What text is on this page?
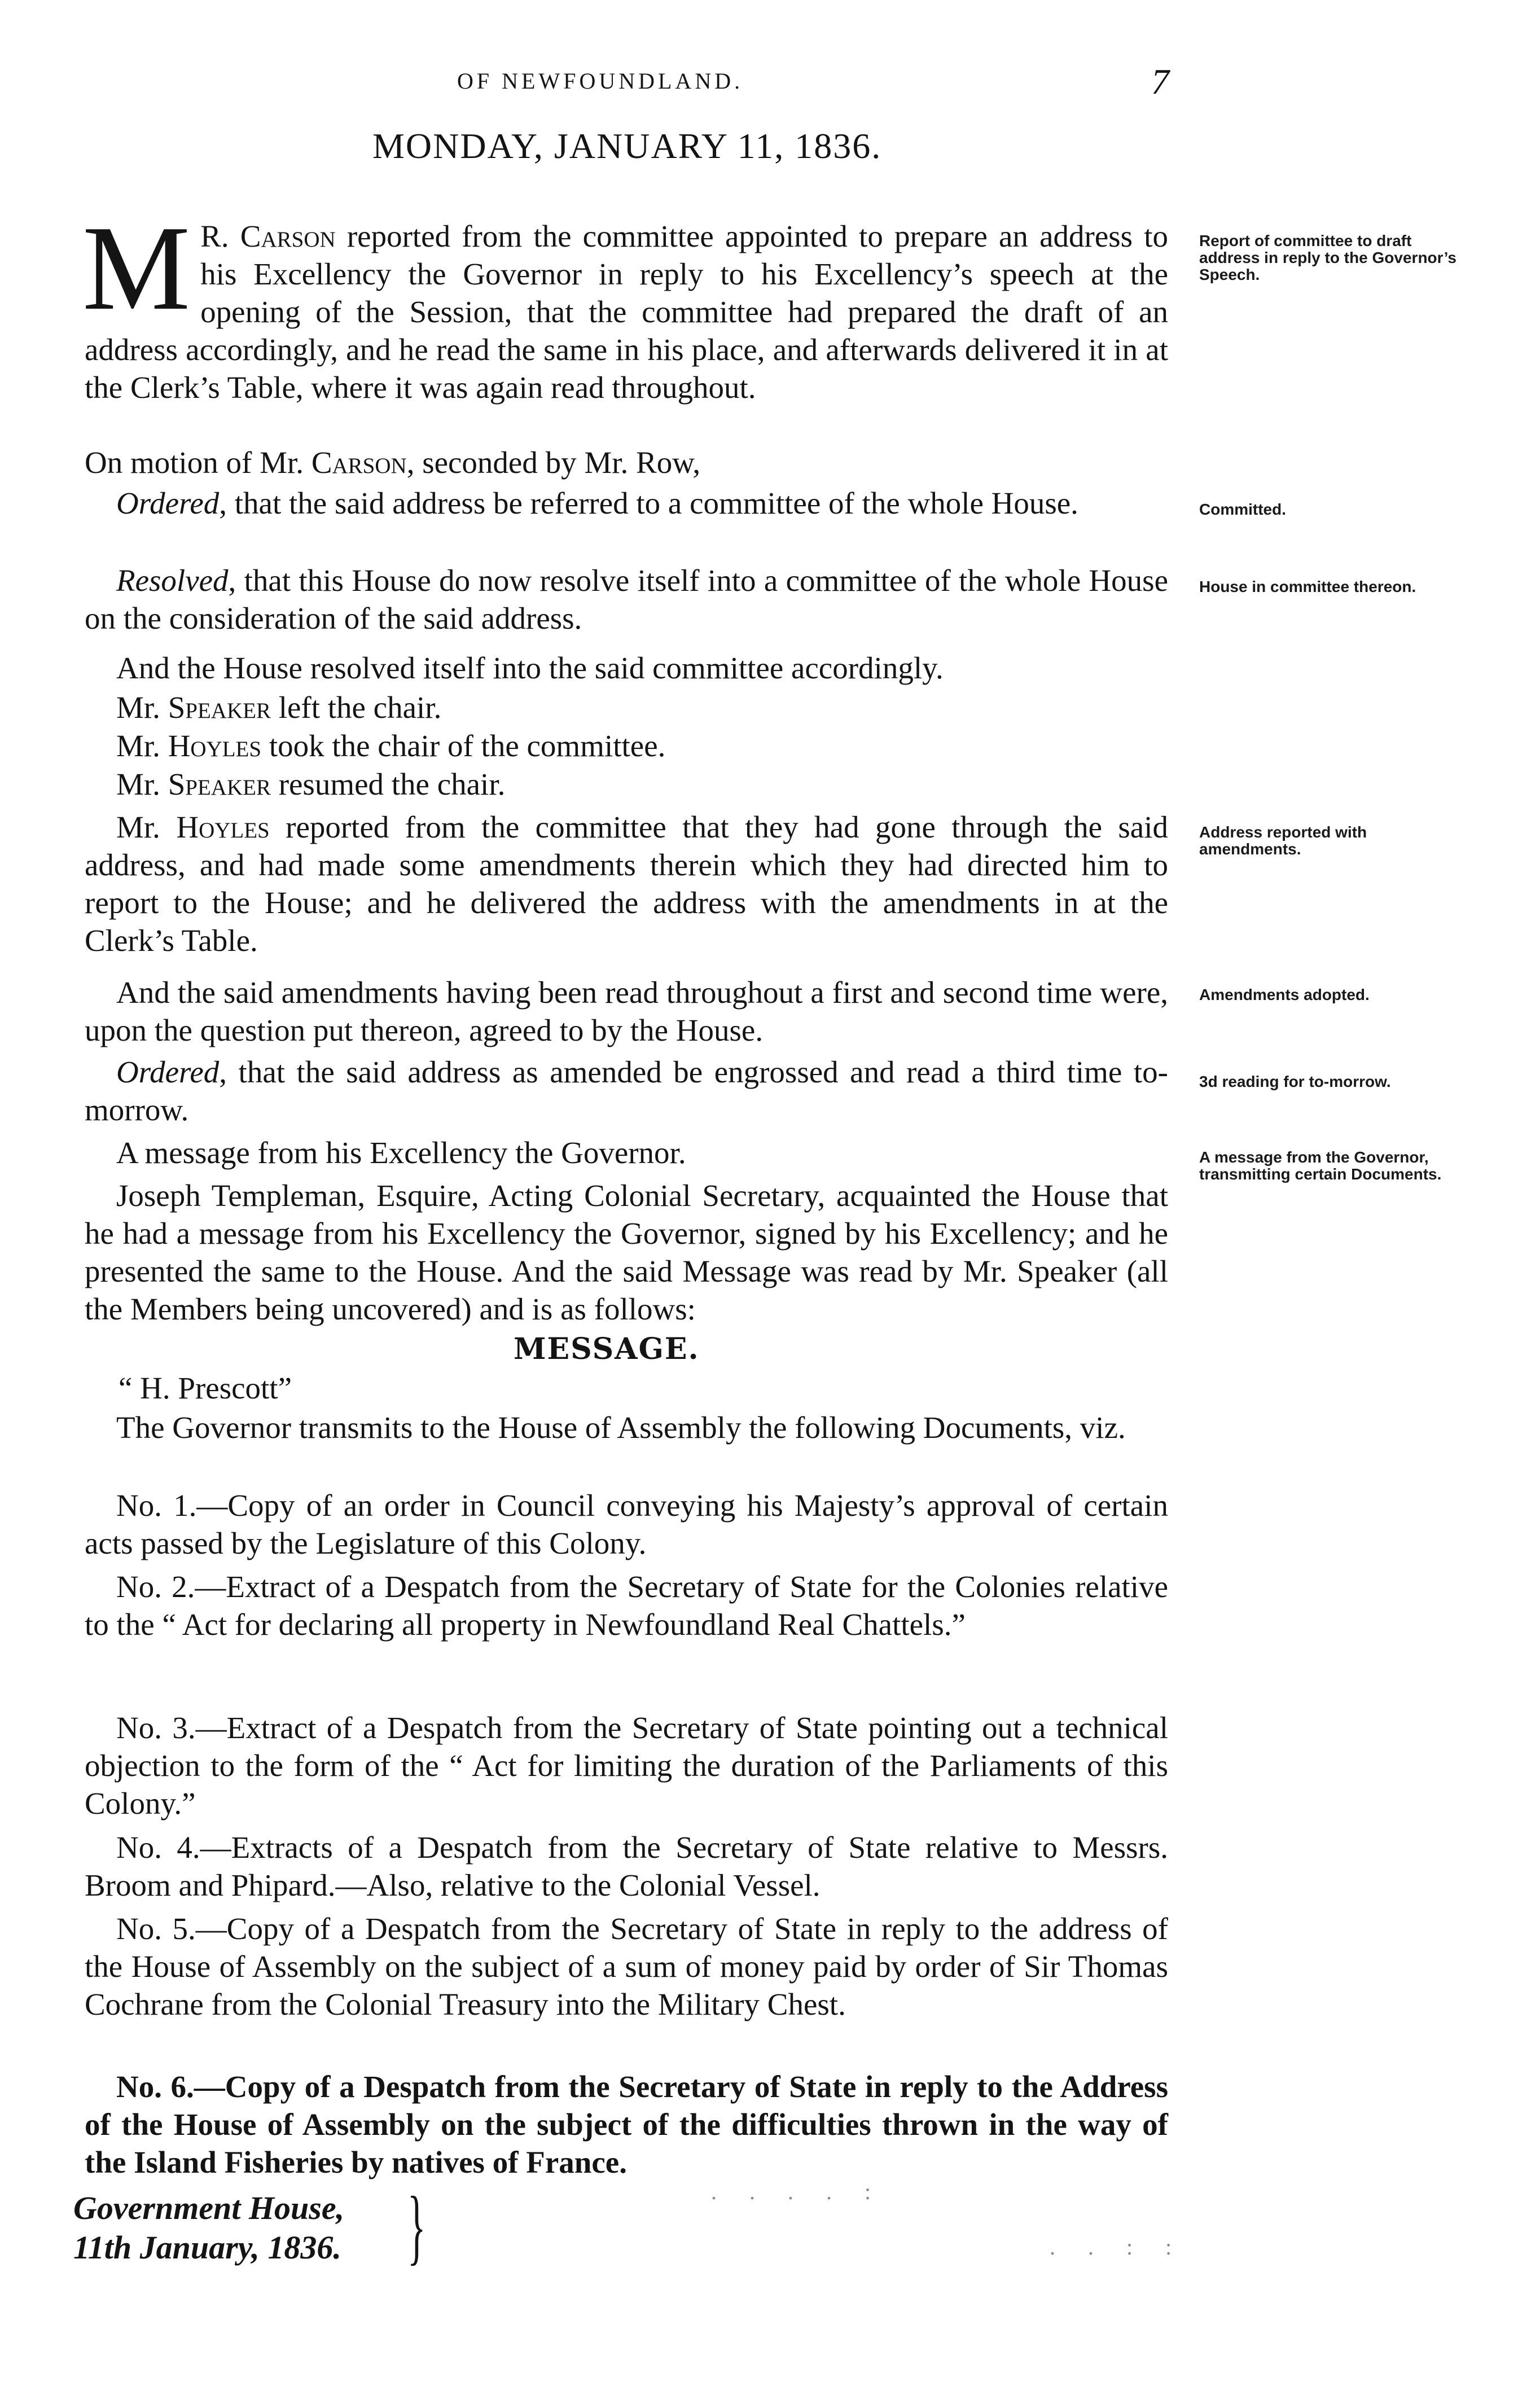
OF NEWFOUNDLAND.	7
MONDAY, JANUARY 11, 1836.
M R. Carson reported from the committee appointed to prepare an address to his Excellency the Governor in reply to his Excellency’s speech at the opening of the Session, that the committee had prepared the draft of an address accordingly, and he read the same in his place, and afterwards delivered it in at the Clerk’s Table, where it was again read throughout.
On motion of Mr. Carson, seconded by Mr. Row,
Ordered, that the said address be referred to a committee of the whole House.
Resolved, that this House do now resolve itself into a committee of the whole House on the consideration of the said address.
And the House resolved itself into the said committee accordingly.
Mr. Speaker left the chair.
Mr. Hoyles took the chair of the committee.
Mr. Speaker resumed the chair.
Mr. Hoyles reported from the committee that they had gone through the said address, and had made some amendments therein which they had directed him to report to the House; and he delivered the address with the amendments in at the Clerk’s Table.
And the said amendments having been read throughout a first and second time were, upon the question put thereon, agreed to by the House.
Ordered, that the said address as amended be engrossed and read a third time to-morrow.
A message from his Excellency the Governor.
Joseph Templeman, Esquire, Acting Colonial Secretary, acquainted the House that he had a message from his Excellency the Governor, signed by his Excellency; and he presented the same to the House. And the said Message was read by Mr. Speaker (all the Members being uncovered) and is as follows:
MESSAGE.
“ H. Prescott”
The Governor transmits to the House of Assembly the following Documents, viz.
No. 1.—Copy of an order in Council conveying his Majesty’s approval of certain acts passed by the Legislature of this Colony.
No. 2.—Extract of a Despatch from the Secretary of State for the Colonies relative to the “ Act for declaring all property in Newfoundland Real Chattels.”
No. 3.—Extract of a Despatch from the Secretary of State pointing out a technical objection to the form of the “ Act for limiting the duration of the Parliaments of this Colony.”
No. 4.—Extracts of a Despatch from the Secretary of State relative to Messrs. Broom and Phipard.—Also, relative to the Colonial Vessel.
No. 5.—Copy of a Despatch from the Secretary of State in reply to the address of the House of Assembly on the subject of a sum of money paid by order of Sir Thomas Cochrane from the Colonial Treasury into the Military Chest.
No. 6.—Copy of a Despatch from the Secretary of State in reply to the Address of the House of Assembly on the subject of the difficulties thrown in the way of the Island Fisheries by natives of France.
Government House,
11th January, 1836. }	. . . . :
. . : :
Report of committee to draft address in reply to the Governor’s Speech.
Committed.
House in committee thereon.
Address reported with amendments.
Amendments adopted.
3d reading for to-morrow.
A message from the Governor, transmitting certain Documents.
